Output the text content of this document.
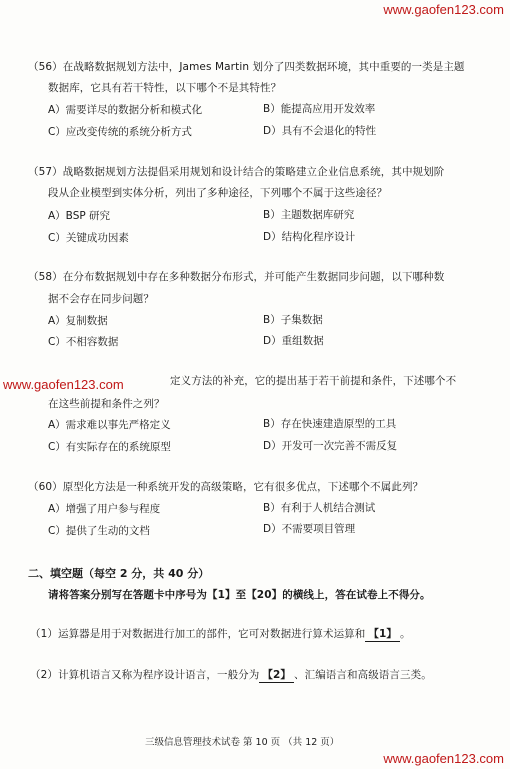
www.gaofen123.com
（56）在战略数据规划方法中，James Martin 划分了四类数据环境，其中重要的一类是主题
数据库，它具有若干特性，以下哪个不是其特性？
A）需要详尽的数据分析和模式化	B）能提高应用开发效率
C）应改变传统的系统分析方式	D）具有不会退化的特性
（57）战略数据规划方法提倡采用规划和设计结合的策略建立企业信息系统，其中规划阶
段从企业模型到实体分析，列出了多种途径，下列哪个不属于这些途径？
A）BSP 研究	B）主题数据库研究
C）关键成功因素	D）结构化程序设计
（58）在分布数据规划中存在多种数据分布形式，并可能产生数据同步问题，以下哪种数
据不会存在同步问题？
A）复制数据	B）子集数据
C）不相容数据	D）重组数据
www.gaofen123.com	定义方法的补充，它的提出基于若干前提和条件，下述哪个不
在这些前提和条件之列？
A）需求难以事先严格定义	B）存在快速建造原型的工具
C）有实际存在的系统原型	D）开发可一次完善不需反复
（60）原型化方法是一种系统开发的高级策略，它有很多优点，下述哪个不属此列？
A）增强了用户参与程度	B）有利于人机结合测试
C）提供了生动的文档	D）不需要项目管理
二、填空题（每空 2 分，共 40 分）
请将答案分别写在答题卡中序号为【1】至【20】的横线上，答在试卷上不得分。
（1）运算器是用于对数据进行加工的部件，它可对数据进行算术运算和 【1】 。
（2）计算机语言又称为程序设计语言，一般分为 【2】 、汇编语言和高级语言三类。
三级信息管理技术试卷 第 10 页 （共 12 页）
www.gaofen123.com
